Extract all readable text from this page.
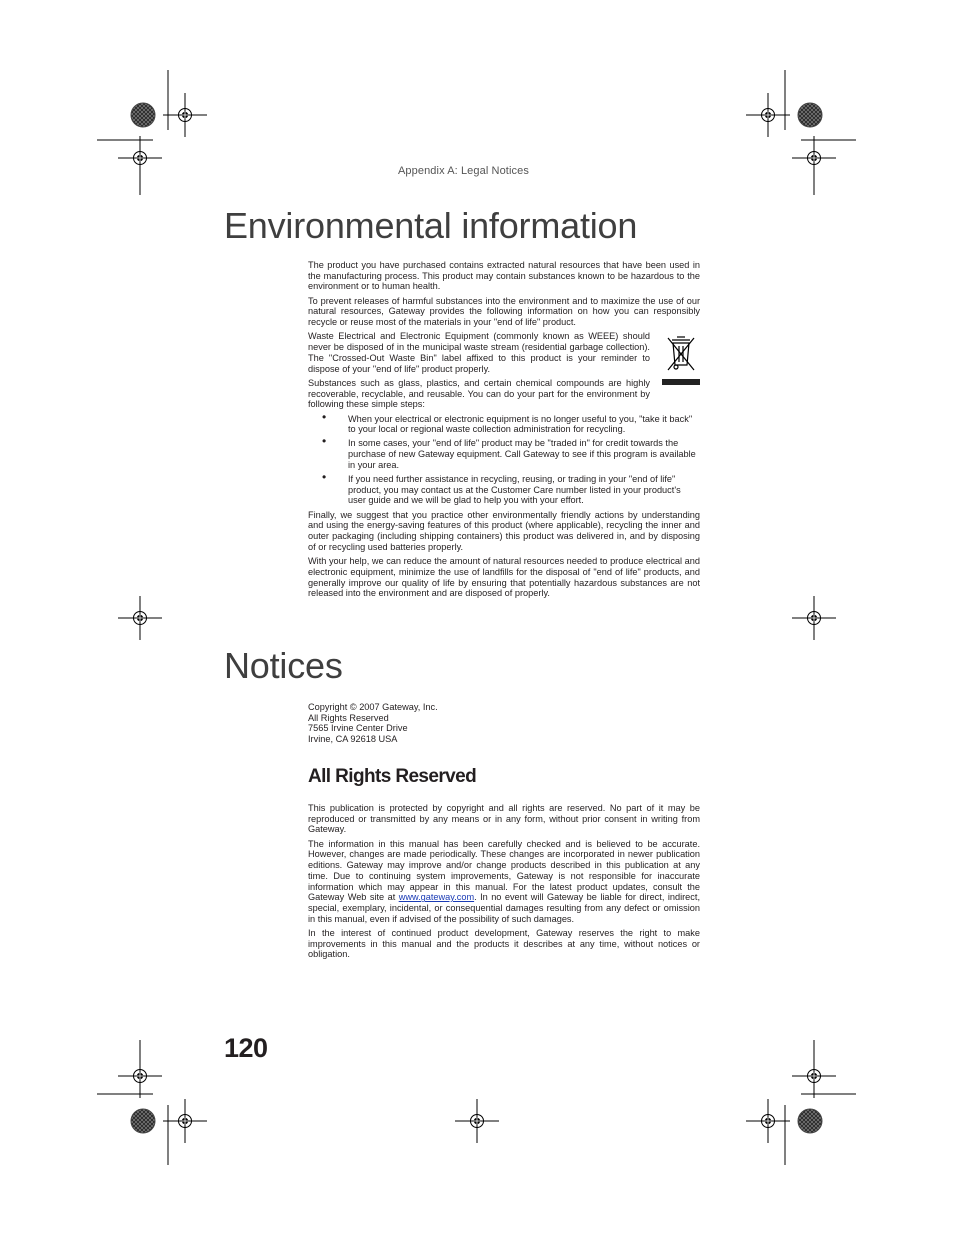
Appendix A: Legal Notices
Environmental information

The product you have purchased contains extracted natural resources that have been used in the manufacturing process. This product may contain substances known to be hazardous to the environment or to human health.

To prevent releases of harmful substances into the environment and to maximize the use of our natural resources, Gateway provides the following information on how you can responsibly recycle or reuse most of the materials in your "end of life" product.

Waste Electrical and Electronic Equipment (commonly known as WEEE) should never be disposed of in the municipal waste stream (residential garbage collection). The "Crossed-Out Waste Bin" label affixed to this product is your reminder to dispose of your "end of life" product properly.

Substances such as glass, plastics, and certain chemical compounds are highly recoverable, recyclable, and reusable. You can do your part for the environment by following these simple steps:

• When your electrical or electronic equipment is no longer useful to you, "take it back" to your local or regional waste collection administration for recycling.
• In some cases, your "end of life" product may be "traded in" for credit towards the purchase of new Gateway equipment. Call Gateway to see if this program is available in your area.
• If you need further assistance in recycling, reusing, or trading in your "end of life" product, you may contact us at the Customer Care number listed in your product's user guide and we will be glad to help you with your effort.

Finally, we suggest that you practice other environmentally friendly actions by understanding and using the energy-saving features of this product (where applicable), recycling the inner and outer packaging (including shipping containers) this product was delivered in, and by disposing of or recycling used batteries properly.

With your help, we can reduce the amount of natural resources needed to produce electrical and electronic equipment, minimize the use of landfills for the disposal of "end of life" products, and generally improve our quality of life by ensuring that potentially hazardous substances are not released into the environment and are disposed of properly.

Notices

Copyright © 2007 Gateway, Inc.

All Rights Reserved

7565 Irvine Center Drive

Irvine, CA 92618 USA

All Rights Reserved

This publication is protected by copyright and all rights are reserved. No part of it may be reproduced or transmitted by any means or in any form, without prior consent in writing from Gateway.

The information in this manual has been carefully checked and is believed to be accurate. However, changes are made periodically. These changes are incorporated in newer publication editions. Gateway may improve and/or change products described in this publication at any time. Due to continuing system improvements, Gateway is not responsible for inaccurate information which may appear in this manual. For the latest product updates, consult the Gateway Web site at www.gateway.com. In no event will Gateway be liable for direct, indirect, special, exemplary, incidental, or consequential damages resulting from any defect or omission in this manual, even if advised of the possibility of such damages.

In the interest of continued product development, Gateway reserves the right to make improvements in this manual and the products it describes at any time, without notices or obligation.

120
